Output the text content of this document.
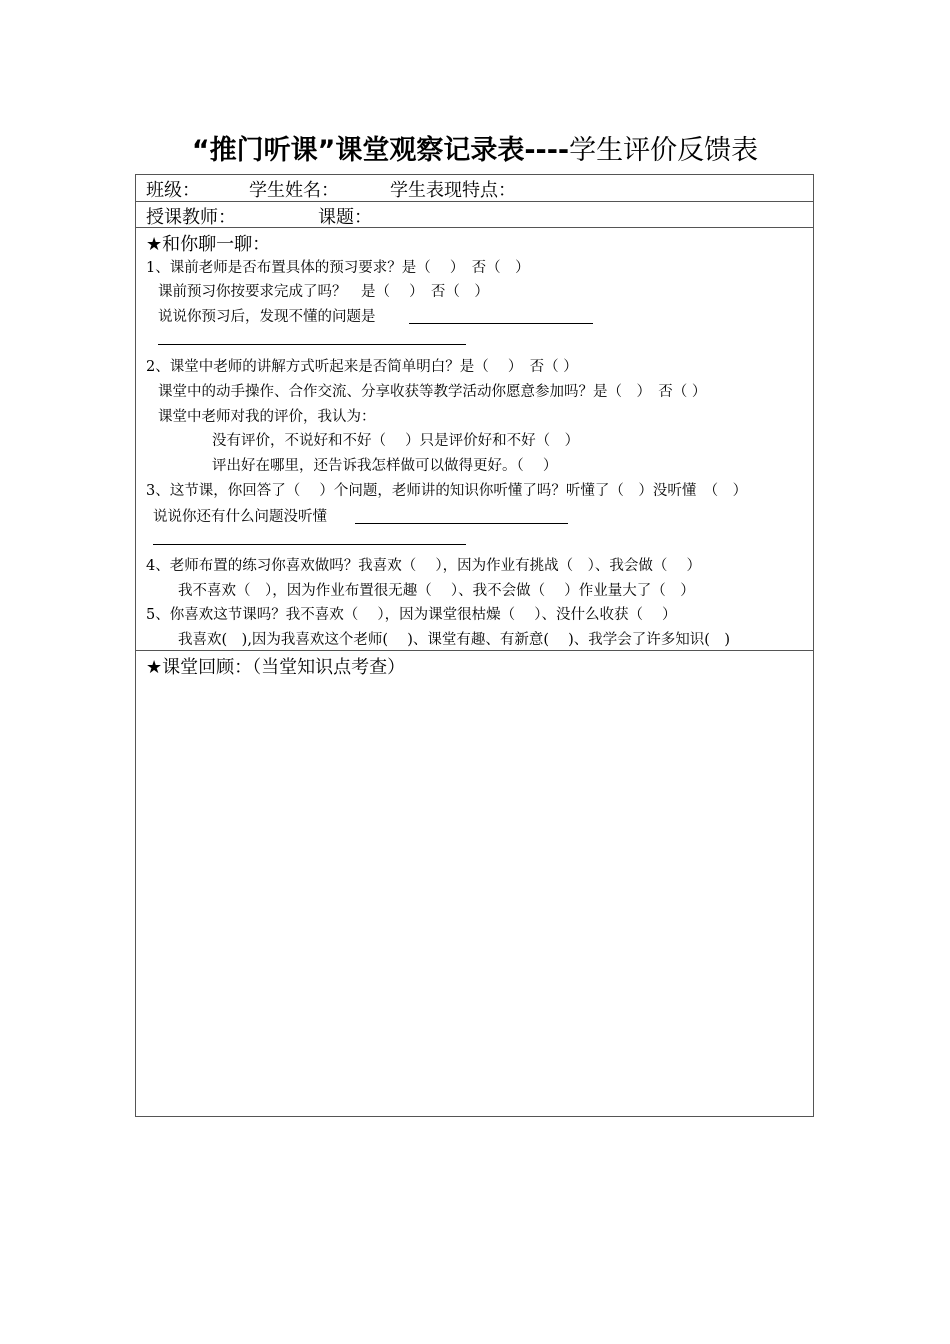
“推门听课”课堂观察记录表----学生评价反馈表
班级：	学生姓名：	学生表现特点：
授课教师：	课题：
★和你聊一聊：
1、课前老师是否布置具体的预习要求？是（　 ）　否（　）
课前预习你按要求完成了吗？　是（　 ）　否（　）
说说你预习后，发现不懂的问题是
2、课堂中老师的讲解方式听起来是否简单明白？是（　 ）　否（ ）
课堂中的动手操作、合作交流、分享收获等教学活动你愿意参加吗？是（　）　否（ ）
课堂中老师对我的评价，我认为：
没有评价，不说好和不好（　 ）只是评价好和不好（　）
评出好在哪里，还告诉我怎样做可以做得更好。（　 ）
3、这节课，你回答了（　 ）个问题，老师讲的知识你听懂了吗？听懂了（　）没听懂　（　）
说说你还有什么问题没听懂
4、老师布置的练习你喜欢做吗？我喜欢（　 ），因为作业有挑战（　）、我会做（　 ）
我不喜欢（　），因为作业布置很无趣（　 ）、我不会做（　 ）作业量大了（　）
5、你喜欢这节课吗？我不喜欢（　 ），因为课堂很枯燥（　 ）、没什么收获（　 ）
我喜欢(　),因为我喜欢这个老师(　 )、课堂有趣、有新意(　 )、我学会了许多知识(　)
★课堂回顾：（当堂知识点考查）
